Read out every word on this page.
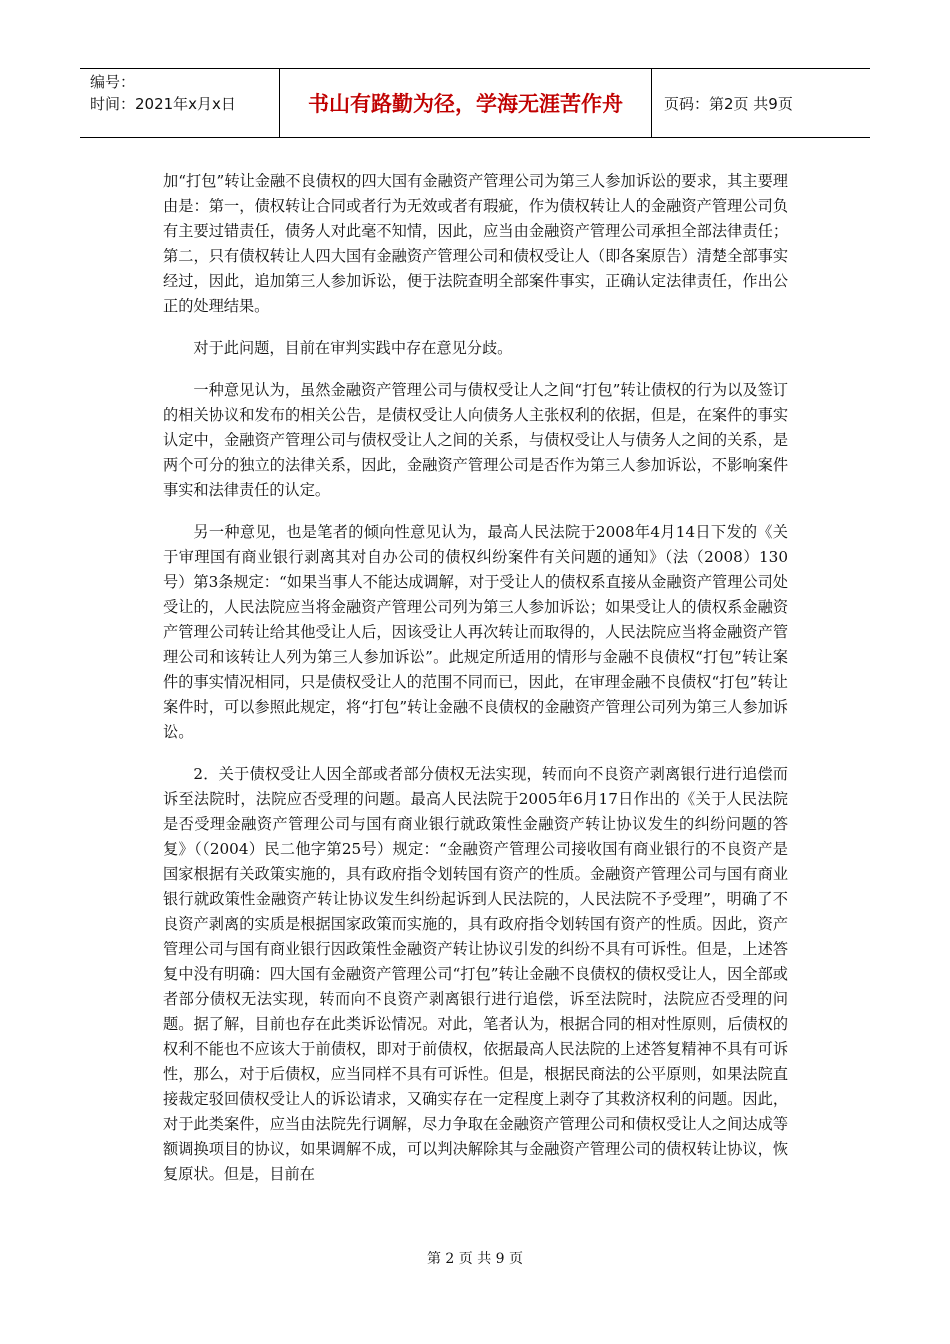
编号：
时间：2021年x月x日	书山有路勤为径，学海无涯苦作舟	页码：第2页 共9页

加“打包”转让金融不良债权的四大国有金融资产管理公司为第三人参加诉讼的要求，其主要理由是：第一，债权转让合同或者行为无效或者有瑕疵，作为债权转让人的金融资产管理公司负有主要过错责任，债务人对此毫不知情，因此，应当由金融资产管理公司承担全部法律责任；第二，只有债权转让人四大国有金融资产管理公司和债权受让人（即各案原告）清楚全部事实经过，因此，追加第三人参加诉讼，便于法院查明全部案件事实，正确认定法律责任，作出公正的处理结果。

对于此问题，目前在审判实践中存在意见分歧。

一种意见认为，虽然金融资产管理公司与债权受让人之间“打包”转让债权的行为以及签订的相关协议和发布的相关公告，是债权受让人向债务人主张权利的依据，但是，在案件的事实认定中，金融资产管理公司与债权受让人之间的关系，与债权受让人与债务人之间的关系，是两个可分的独立的法律关系，因此，金融资产管理公司是否作为第三人参加诉讼，不影响案件事实和法律责任的认定。

另一种意见，也是笔者的倾向性意见认为，最高人民法院于2008年4月14日下发的《关于审理国有商业银行剥离其对自办公司的债权纠纷案件有关问题的通知》（法（2008）130号）第3条规定：“如果当事人不能达成调解，对于受让人的债权系直接从金融资产管理公司处受让的，人民法院应当将金融资产管理公司列为第三人参加诉讼；如果受让人的债权系金融资产管理公司转让给其他受让人后，因该受让人再次转让而取得的，人民法院应当将金融资产管理公司和该转让人列为第三人参加诉讼”。此规定所适用的情形与金融不良债权“打包”转让案件的事实情况相同，只是债权受让人的范围不同而已，因此，在审理金融不良债权“打包”转让案件时，可以参照此规定，将“打包”转让金融不良债权的金融资产管理公司列为第三人参加诉讼。

2．关于债权受让人因全部或者部分债权无法实现，转而向不良资产剥离银行进行追偿而诉至法院时，法院应否受理的问题。最高人民法院于2005年6月17日作出的《关于人民法院是否受理金融资产管理公司与国有商业银行就政策性金融资产转让协议发生的纠纷问题的答复》（（2004）民二他字第25号）规定：“金融资产管理公司接收国有商业银行的不良资产是国家根据有关政策实施的，具有政府指令划转国有资产的性质。金融资产管理公司与国有商业银行就政策性金融资产转让协议发生纠纷起诉到人民法院的，人民法院不予受理”，明确了不良资产剥离的实质是根据国家政策而实施的，具有政府指令划转国有资产的性质。因此，资产管理公司与国有商业银行因政策性金融资产转让协议引发的纠纷不具有可诉性。但是，上述答复中没有明确：四大国有金融资产管理公司“打包”转让金融不良债权的债权受让人，因全部或者部分债权无法实现，转而向不良资产剥离银行进行追偿，诉至法院时，法院应否受理的问题。据了解，目前也存在此类诉讼情况。对此，笔者认为，根据合同的相对性原则，后债权的权利不能也不应该大于前债权，即对于前债权，依据最高人民法院的上述答复精神不具有可诉性，那么，对于后债权，应当同样不具有可诉性。但是，根据民商法的公平原则，如果法院直接裁定驳回债权受让人的诉讼请求，又确实存在一定程度上剥夺了其救济权利的问题。因此，对于此类案件，应当由法院先行调解，尽力争取在金融资产管理公司和债权受让人之间达成等额调换项目的协议，如果调解不成，可以判决解除其与金融资产管理公司的债权转让协议，恢复原状。但是，目前在

第 2 页 共 9 页
